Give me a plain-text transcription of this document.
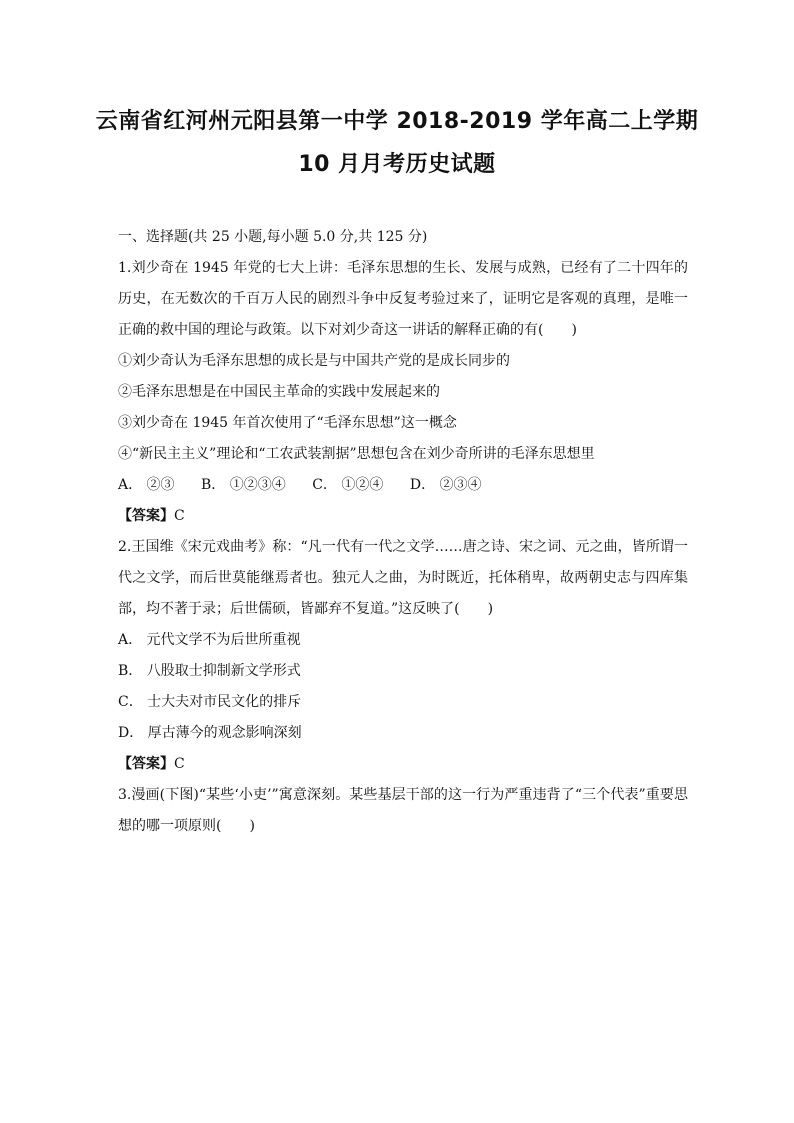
云南省红河州元阳县第一中学 2018-2019 学年高二上学期
10 月月考历史试题
一、选择题(共 25 小题,每小题 5.0 分,共 125 分)
1.刘少奇在 1945 年党的七大上讲：毛泽东思想的生长、发展与成熟，已经有了二十四年的历史，在无数次的千百万人民的剧烈斗争中反复考验过来了，证明它是客观的真理，是唯一正确的救中国的理论与政策。以下对刘少奇这一讲话的解释正确的有(　　)
①刘少奇认为毛泽东思想的成长是与中国共产党的是成长同步的
②毛泽东思想是在中国民主革命的实践中发展起来的
③刘少奇在 1945 年首次使用了“毛泽东思想”这一概念
④“新民主主义”理论和“工农武装割据”思想包含在刘少奇所讲的毛泽东思想里
A． ②③ B． ①②③④ C． ①②④ D． ②③④
【答案】C
2.王国维《宋元戏曲考》称：“凡一代有一代之文学……唐之诗、宋之词、元之曲，皆所谓一代之文学，而后世莫能继焉者也。独元人之曲，为时既近，托体稍卑，故两朝史志与四库集部，均不著于录；后世儒硕，皆鄙弃不复道。”这反映了(　　)
A． 元代文学不为后世所重视
B． 八股取士抑制新文学形式
C． 士大夫对市民文化的排斥
D． 厚古薄今的观念影响深刻
【答案】C
3.漫画(下图)“某些‘小吏’”寓意深刻。某些基层干部的这一行为严重违背了“三个代表”重要思想的哪一项原则(　　)
